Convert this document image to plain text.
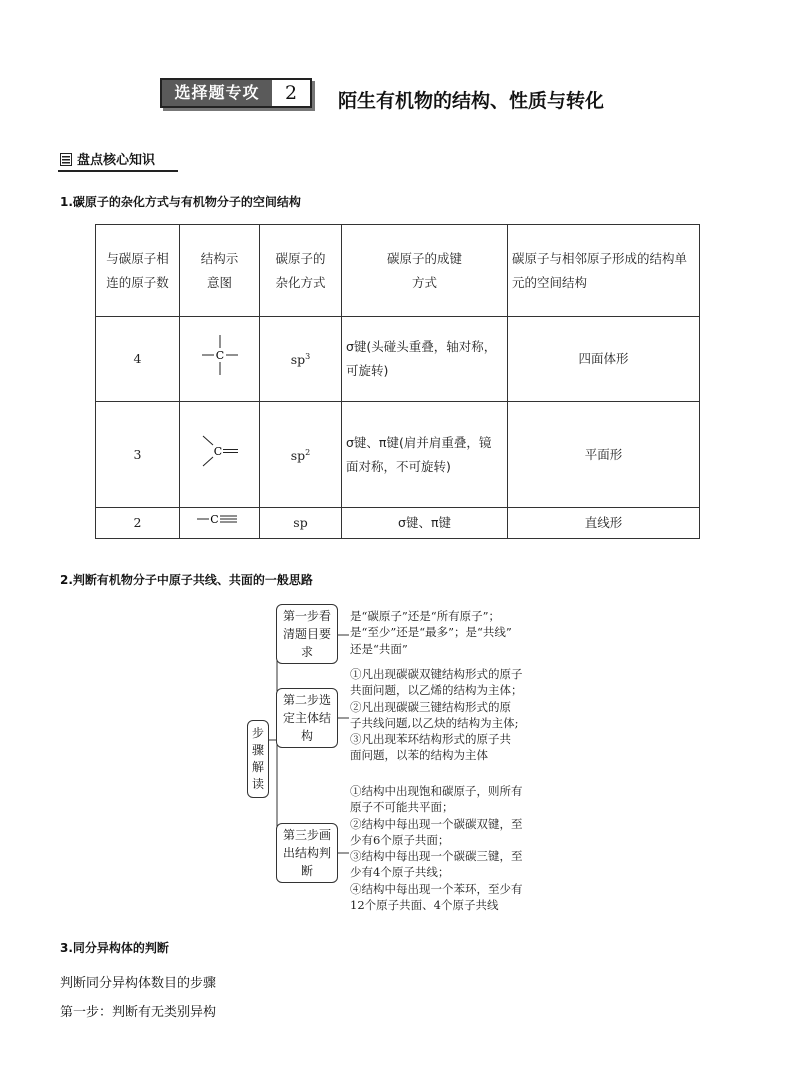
选择题专攻	2	陌生有机物的结构、性质与转化
盘点核心知识
1.碳原子的杂化方式与有机物分子的空间结构
与碳原子相连的原子数	结构示意图	碳原子的杂化方式	碳原子的成键方式	碳原子与相邻原子形成的结构单元的空间结构
4	C	$sp^3$	σ键(头碰头重叠，轴对称，可旋转)	四面体形
3	C	$sp^2$	σ键、π键(肩并肩重叠，镜面对称，不可旋转)	平面形
2	C	sp	σ键、π键	直线形
2.判断有机物分子中原子共线、共面的一般思路
步骤解读
第一步看清题目要求
第二步选定主体结构
第三步画出结构判断
是“碳原子”还是“所有原子”；
是“至少”还是“最多”；是“共线”
还是“共面”
①凡出现碳碳双键结构形式的原子
共面问题，以乙烯的结构为主体；
②凡出现碳碳三键结构形式的原
子共线问题,以乙炔的结构为主体;
③凡出现苯环结构形式的原子共
面问题，以苯的结构为主体
①结构中出现饱和碳原子，则所有
原子不可能共平面；
②结构中每出现一个碳碳双键，至
少有6个原子共面；
③结构中每出现一个碳碳三键，至
少有4个原子共线；
④结构中每出现一个苯环，至少有
12个原子共面、4个原子共线
3.同分异构体的判断
判断同分异构体数目的步骤
第一步：判断有无类别异构
